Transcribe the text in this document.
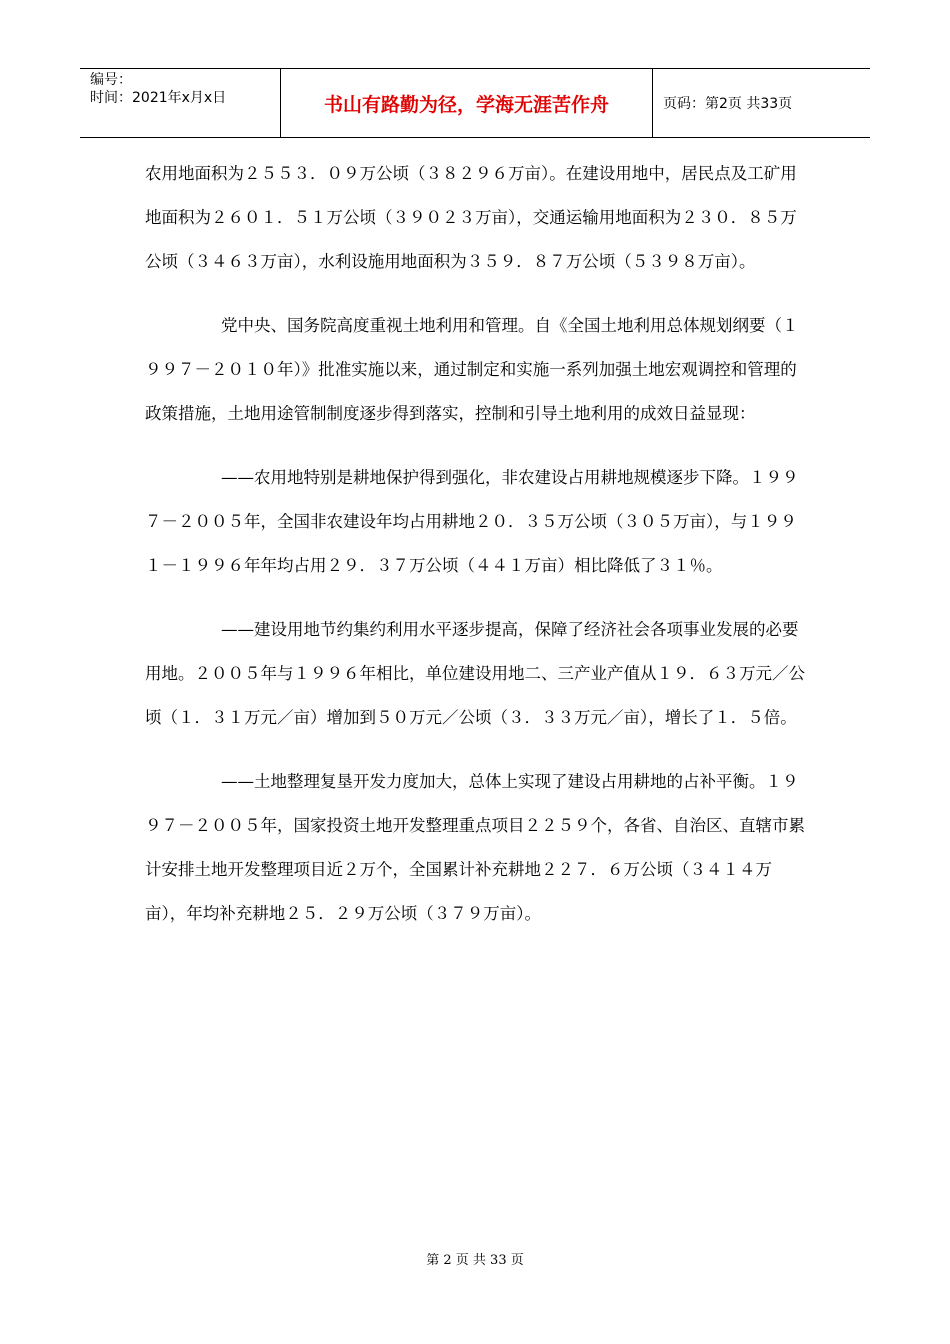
编号：
时间：2021年x月x日	书山有路勤为径，学海无涯苦作舟	页码：第2页 共33页

农用地面积为２５５３．０９万公顷（３８２９６万亩）。在建设用地中，居民点及工矿用地面积为２６０１．５１万公顷（３９０２３万亩），交通运输用地面积为２３０．８５万公顷（３４６３万亩），水利设施用地面积为３５９．８７万公顷（５３９８万亩）。

党中央、国务院高度重视土地利用和管理。自《全国土地利用总体规划纲要（１９９７－２０１０年）》批准实施以来，通过制定和实施一系列加强土地宏观调控和管理的政策措施，土地用途管制制度逐步得到落实，控制和引导土地利用的成效日益显现：

——农用地特别是耕地保护得到强化，非农建设占用耕地规模逐步下降。１９９７－２００５年，全国非农建设年均占用耕地２０．３５万公顷（３０５万亩），与１９９１－１９９６年年均占用２９．３７万公顷（４４１万亩）相比降低了３１％。

——建设用地节约集约利用水平逐步提高，保障了经济社会各项事业发展的必要用地。２００５年与１９９６年相比，单位建设用地二、三产业产值从１９．６３万元／公顷（１．３１万元／亩）增加到５０万元／公顷（３．３３万元／亩），增长了１．５倍。

——土地整理复垦开发力度加大，总体上实现了建设占用耕地的占补平衡。１９９７－２００５年，国家投资土地开发整理重点项目２２５９个，各省、自治区、直辖市累计安排土地开发整理项目近２万个，全国累计补充耕地２２７．６万公顷（３４１４万亩），年均补充耕地２５．２９万公顷（３７９万亩）。

第 2 页 共 33 页
